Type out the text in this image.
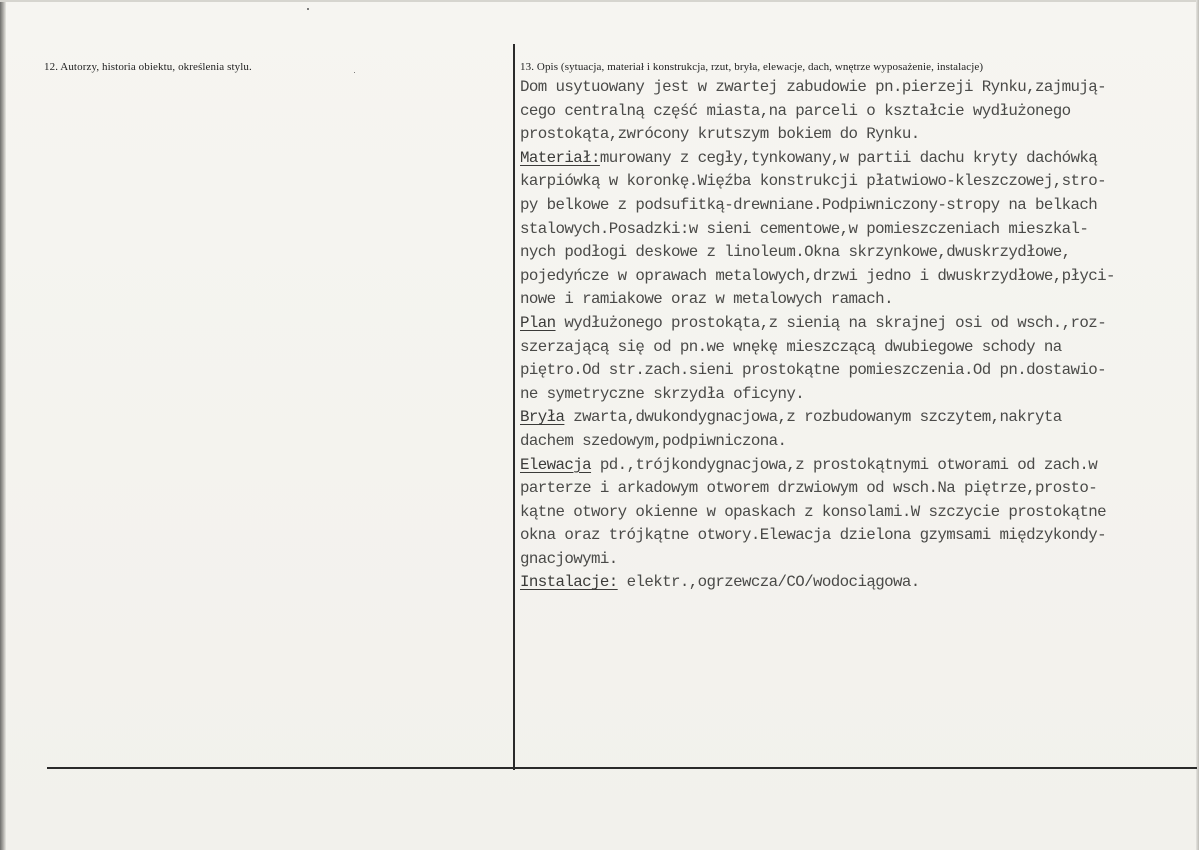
12. Autorzy, historia obiektu, określenia stylu.	13. Opis (sytuacja, materiał i konstrukcja, rzut, bryła, elewacje, dach, wnętrze wyposażenie, instalacje)
Dom usytuowany jest w zwartej zabudowie pn.pierzeji Rynku,zajmują-
cego centralną część miasta,na parceli o kształcie wydłużonego
prostokąta,zwrócony krutszym bokiem do Rynku.
Materiał:murowany z cegły,tynkowany,w partii dachu kryty dachówką
karpiówką w koronkę.Więźba konstrukcji płatwiowo-kleszczowej,stro-
py belkowe z podsufitką-drewniane.Podpiwniczony-stropy na belkach
stalowych.Posadzki:w sieni cementowe,w pomieszczeniach mieszkal-
nych podłogi deskowe z linoleum.Okna skrzynkowe,dwuskrzydłowe,
pojedyńcze w oprawach metalowych,drzwi jedno i dwuskrzydłowe,płyci-
nowe i ramiakowe oraz w metalowych ramach.
Plan wydłużonego prostokąta,z sienią na skrajnej osi od wsch.,roz-
szerzającą się od pn.we wnękę mieszczącą dwubiegowe schody na
piętro.Od str.zach.sieni prostokątne pomieszczenia.Od pn.dostawio-
ne symetryczne skrzydła oficyny.
Bryła zwarta,dwukondygnacjowa,z rozbudowanym szczytem,nakryta
dachem szedowym,podpiwniczona.
Elewacja pd.,trójkondygnacjowa,z prostokątnymi otworami od zach.w
parterze i arkadowym otworem drzwiowym od wsch.Na piętrze,prosto-
kątne otwory okienne w opaskach z konsolami.W szczycie prostokątne
okna oraz trójkątne otwory.Elewacja dzielona gzymsami międzykondy-
gnacjowymi.
Instalacje: elektr.,ogrzewcza/CO/wodociągowa.
